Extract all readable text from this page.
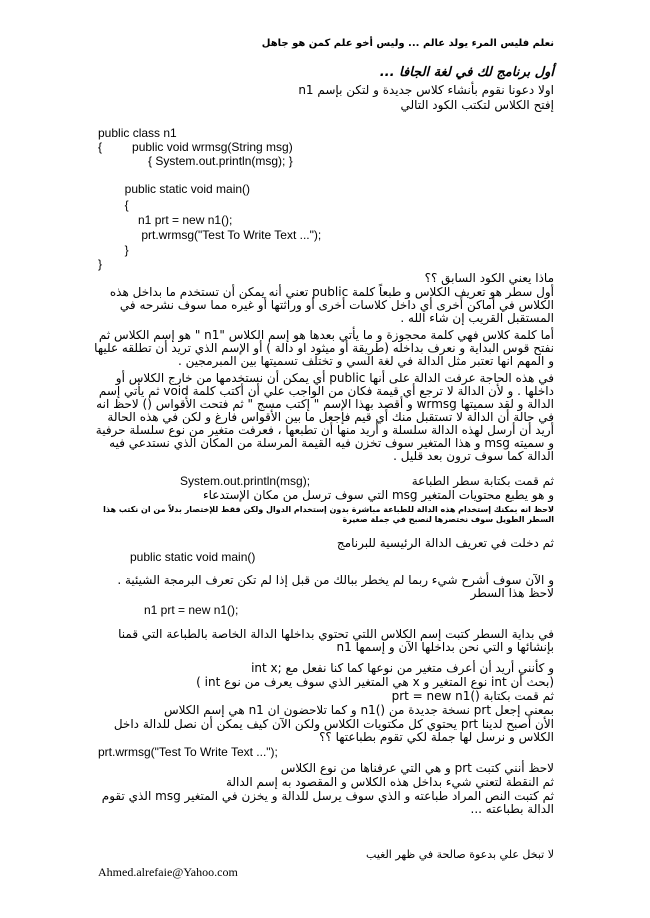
نعلم فليس المرء يولد عالم ... وليس أخو علم كمن هو جاهل
أول برنامج لك في لغة الجافا ...
اولا دعونا نقوم بأنشاء كلاس جديدة و لتكن بإسم n1
إفتح الكلاس لتكتب الكود التالي
public class n1
{         public void wrmsg(String msg)
{ System.out.println(msg); }
public static void main()
{
n1 prt = new n1();
prt.wrmsg("Test To Write Text ...");
}
}
ماذا يعني الكود السابق ؟؟
أول سطر هو تعريف الكلاس و طبعاً كلمة public تعني أنه يمكن أن تستخدم ما بداخل هذه الكلاس في أماكن أخرى أي داخل كلاسات أخرى أو وراثتها أو غيره مما سوف نشرحه في المستقبل القريب إن شاء الله .
أما كلمة كلاس فهي كلمة محجوزة و ما يأتي بعدها هو إسم الكلاس "n1 " هو إسم الكلاس ثم نفتح قوس البداية و نعرف بداخله (طريقة أو ميثود او دالة ) أو الإسم الذي تريد أن تطلقه عليها و المهم انها تعتبر مثل الدالة في لغة السي و تختلف تسميتها بين المبرمجين .
في هذه الحاجة عرفت الدالة على أنها public أي يمكن أن نستخدمها من خارج الكلاس أو داخلها . و لأن الدالة لا ترجع أي قيمة فكان من الواجب علي أن أكتب كلمة void ثم يأتي إسم الدالة و لقد سميتها wrmsg و أقصد بهذا الإسم " إكتب مسج " ثم فتحت الأقواس () لاحظ انه في حالة أن الدالة لا تستقبل منك أي قيم فإجعل ما بين الأقواس فارغ و لكن في هذه الحالة أريد أن أرسل لهذه الدالة سلسلة و أريد منها أن تطبعها ، فعرفت متغير من نوع سلسلة حرفية و سميته msg و هذا المتغير سوف تخزن فيه القيمة المرسلة من المكان الذي نستدعي فيه الدالة كما سوف ترون بعد قليل .
ثم قمت بكتابة سطر الطباعة
System.out.println(msg);
و هو يطبع محتويات المتغير msg التي سوف ترسل من مكان الإستدعاء
لاحظ انه بمكنك إستخدام هذه الدالة للطباعة مباشرة بدون إستخدام الدوال ولكن فقط للإختصار بدلاً من ان نكتب هذا السطر الطويل سوف نختصرها لنصبح في جملة صغيرة
ثم دخلت في تعريف الدالة الرئيسية للبرنامج
public static void main()
و الآن سوف أشرح شيء ربما لم يخطر ببالك من قبل إذا لم تكن تعرف البرمجة الشيئية . لاحظ هذا السطر
n1 prt = new n1();
في بداية السطر كتبت إسم الكلاس اللتي تحتوي بداخلها الدالة الخاصة بالطباعة التي قمنا بإنشائها و التي نحن بداخلها الآن و إسمها n1
و كأنني أريد أن أعرف متغير من نوعها كما كنا نفعل مع ;int x
(بحث أن int نوع المتغير و x هي المتغير الذي سوف يعرف من نوع int )
ثم قمت بكتابة ()prt = new n1
بمعنى إجعل prt نسخة جديدة من ()n1 و كما تلاحضون ان n1 هي إسم الكلاس
الأن أصبح لدينا prt يحتوي كل مكتويات الكلاس ولكن الآن كيف يمكن أن نصل للدالة داخل الكلاس و نرسل لها جملة لكي تقوم بطباعتها ؟؟
prt.wrmsg("Test To Write Text ...");
لاحظ أنني كتبت prt و هي التي عرفناها من نوع الكلاس
ثم النقطة لتعني شيء بداخل هذه الكلاس و المقصود به إسم الدالة
ثم كتبت النص المراد طباعته و الذي سوف يرسل للدالة و يخزن في المتغير msg الذي تقوم الدالة بطباعته ...
لا تبخل علي بدعوة صالحة في ظهر الغيب
Ahmed.alrefaie@Yahoo.com
